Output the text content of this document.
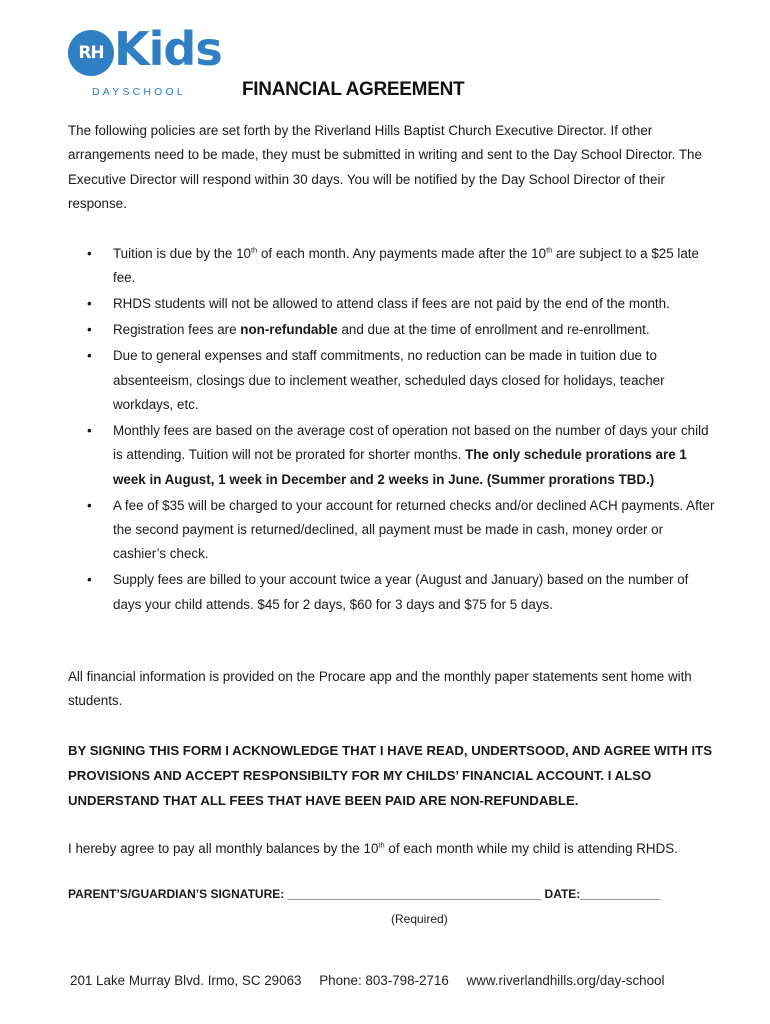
RH Kids
DAYSCHOOL	FINANCIAL AGREEMENT

The following policies are set forth by the Riverland Hills Baptist Church Executive Director. If other arrangements need to be made, they must be submitted in writing and sent to the Day School Director. The Executive Director will respond within 30 days. You will be notified by the Day School Director of their response.

• Tuition is due by the 10th of each month. Any payments made after the 10th are subject to a $25 late fee.
• RHDS students will not be allowed to attend class if fees are not paid by the end of the month.
• Registration fees are non-refundable and due at the time of enrollment and re-enrollment.
• Due to general expenses and staff commitments, no reduction can be made in tuition due to absenteeism, closings due to inclement weather, scheduled days closed for holidays, teacher workdays, etc.
• Monthly fees are based on the average cost of operation not based on the number of days your child is attending. Tuition will not be prorated for shorter months. The only schedule prorations are 1 week in August, 1 week in December and 2 weeks in June. (Summer prorations TBD.)
• A fee of $35 will be charged to your account for returned checks and/or declined ACH payments. After the second payment is returned/declined, all payment must be made in cash, money order or cashier’s check.
• Supply fees are billed to your account twice a year (August and January) based on the number of days your child attends. $45 for 2 days, $60 for 3 days and $75 for 5 days.

All financial information is provided on the Procare app and the monthly paper statements sent home with students.

BY SIGNING THIS FORM I ACKNOWLEDGE THAT I HAVE READ, UNDERTSOOD, AND AGREE WITH ITS PROVISIONS AND ACCEPT RESPONSIBILTY FOR MY CHILDS’ FINANCIAL ACCOUNT. I ALSO UNDERSTAND THAT ALL FEES THAT HAVE BEEN PAID ARE NON-REFUNDABLE.

I hereby agree to pay all monthly balances by the 10th of each month while my child is attending RHDS.

PARENT’S/GUARDIAN’S SIGNATURE: ______________________________________ DATE:____________
(Required)
201 Lake Murray Blvd. Irmo, SC 29063 Phone: 803-798-2716 www.riverlandhills.org/day-school
